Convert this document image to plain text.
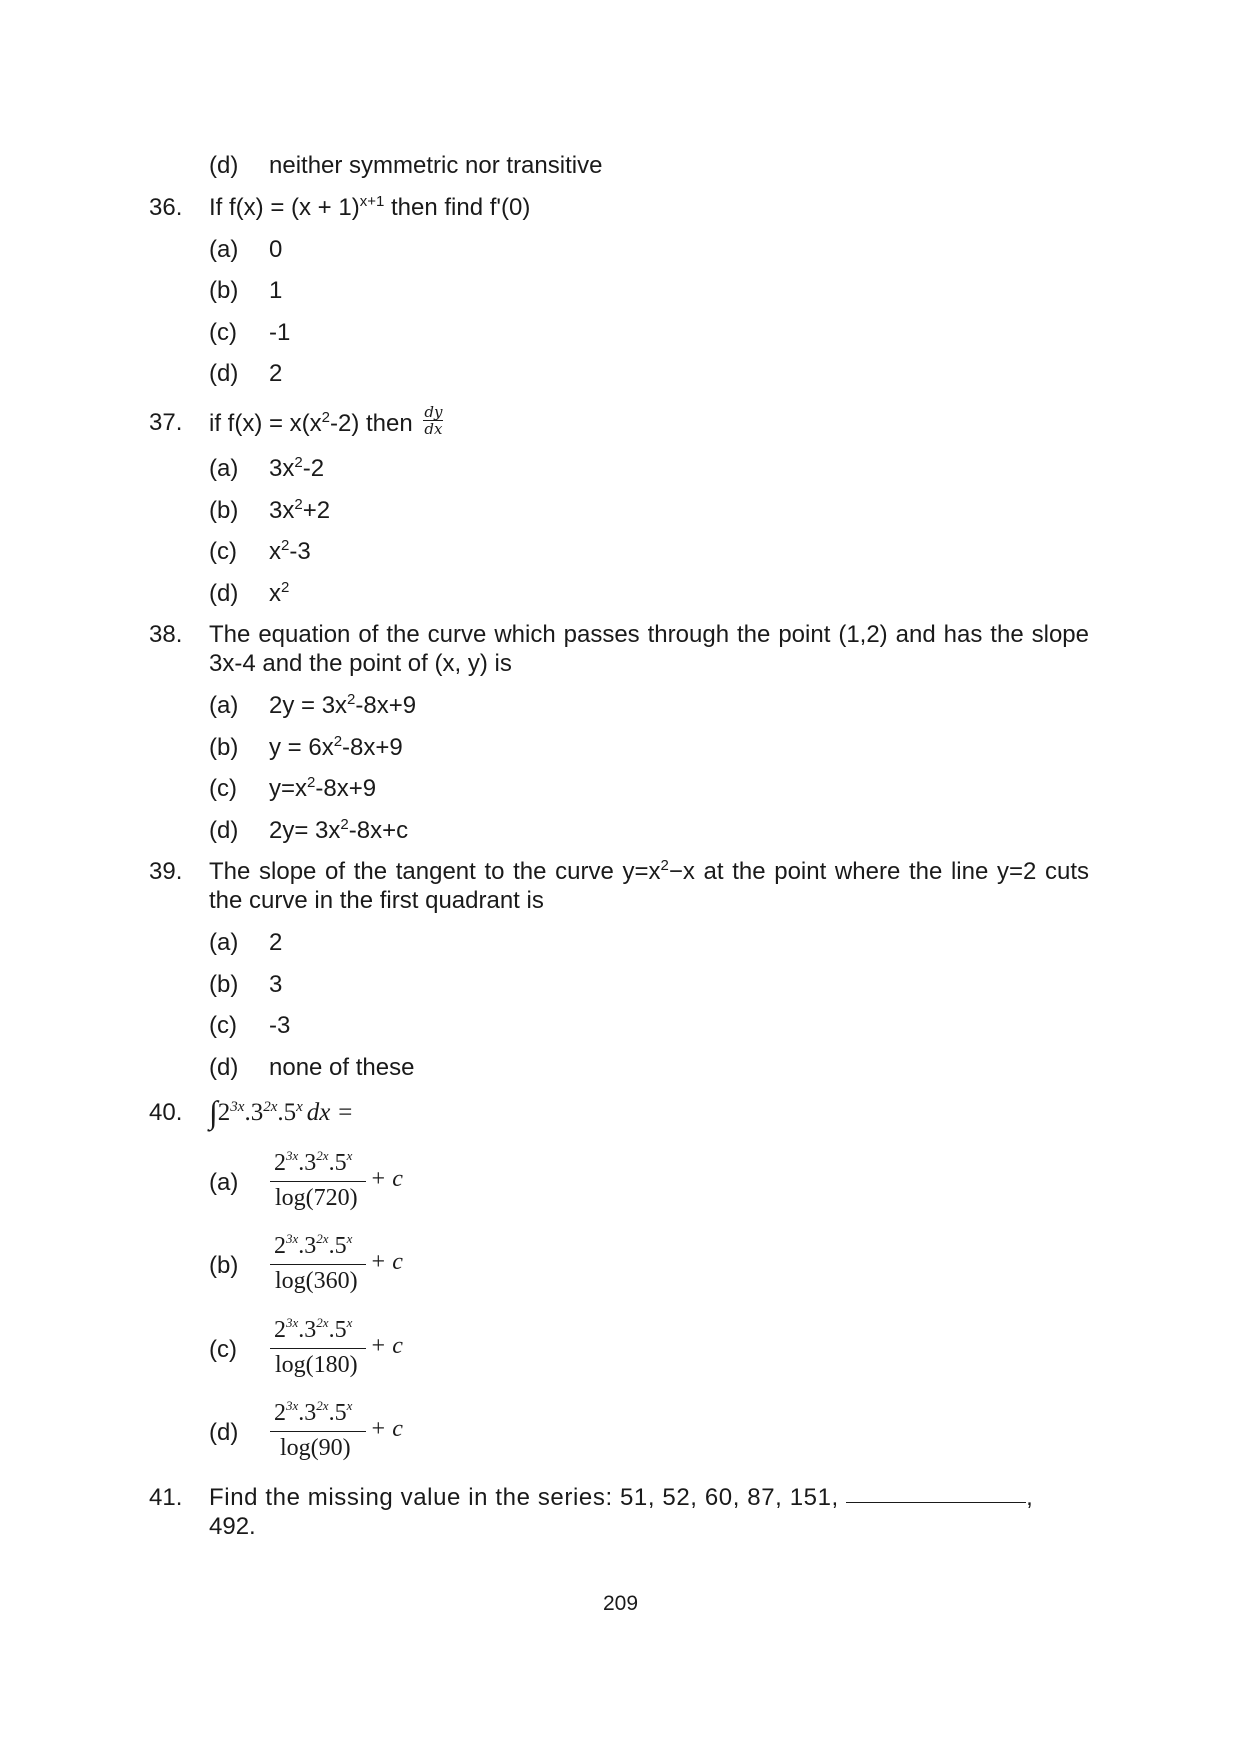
(d) neither symmetric nor transitive
36. If $f(x) = (x + 1)^{x+1}$ then find f'(0)
(a) 0
(b) 1
(c) -1
(d) 2
37. if $f(x) = x(x^2-2)$ then $\frac{dy}{dx}$
(a) $3x^2-2$
(b) $3x^2+2$
(c) $x^2-3$
(d) $x^2$
38. The equation of the curve which passes through the point (1,2) and has the slope 3x-4 and the point of (x, y) is
(a) $2y = 3x^2-8x+9$
(b) $y = 6x^2-8x+9$
(c) $y=x^2-8x+9$
(d) $2y= 3x^2-8x+c$
39. The slope of the tangent to the curve $y=x^2-x$ at the point where the line y=2 cuts the curve in the first quadrant is
(a) 2
(b) 3
(c) -3
(d) none of these
40. $\int 2^{3x}.3^{2x}.5^x$ dx =
(a)
$2^{3x}.3^{2x}.5^x$
log(720)
+ c
(b)
$2^{3x}.3^{2x}.5^x$
log(360)
+ c
(c)
$2^{3x}.3^{2x}.5^x$
log(180)
+ c
(d)
$2^{3x}.3^{2x}.5^x$
log(90)
+ c
41. Find the missing value in the series: 51, 52, 60, 87, 151,	,
492.
209
